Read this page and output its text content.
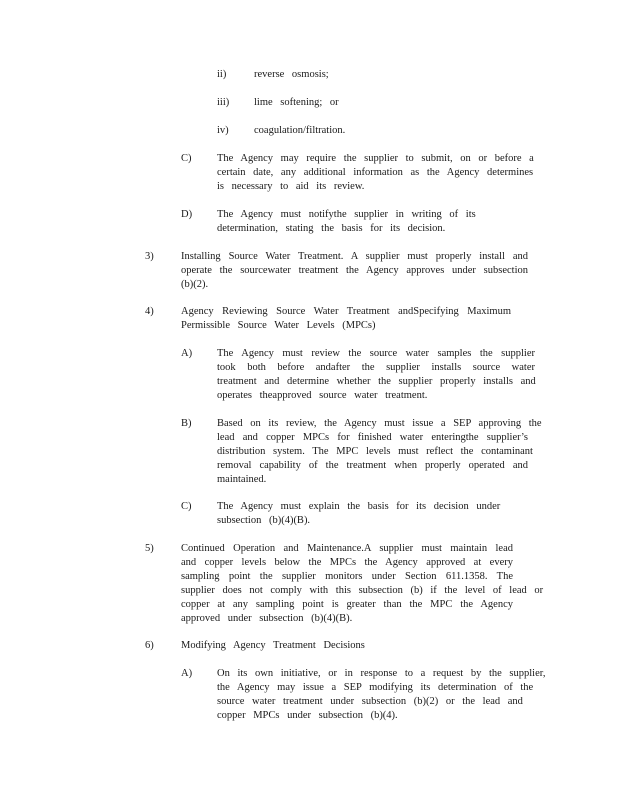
ii)	reverse osmosis;
iii) lime softening; or
iv) coagulation/filtration.
C) The Agency may require the supplier to submit, on or before a
certain date, any additional information as the Agency determines
is necessary to aid its review.
D) The Agency must notifythe supplier in writing of its
determination, stating the basis for its decision.
3)	Installing Source Water Treatment. A supplier must properly install and
operate the sourcewater treatment the Agency approves under subsection
(b)(2).
4)	Agency Reviewing Source Water Treatment andSpecifying Maximum
Permissible Source Water Levels (MPCs)
A) The Agency must review the source water samples the supplier
took both before andafter the supplier installs source water
treatment and determine whether the supplier properly installs and
operates theapproved source water treatment.
B) Based on its review, the Agency must issue a SEP approving the
lead and copper MPCs for finished water enteringthe supplier’s
distribution system. The MPC levels must reflect the contaminant
removal capability of the treatment when properly operated and
maintained.
C) The Agency must explain the basis for its decision under
subsection (b)(4)(B).
5)	Continued Operation and Maintenance.A supplier must maintain lead
and copper levels below the MPCs the Agency approved at every
sampling point the supplier monitors under Section 611.1358. The
supplier does not comply with this subsection (b) if the level of lead or
copper at any sampling point is greater than the MPC the Agency
approved under subsection (b)(4)(B).
6)	Modifying Agency Treatment Decisions
A) On its own initiative, or in response to a request by the supplier,
the Agency may issue a SEP modifying its determination of the
source water treatment under subsection (b)(2) or the lead and
copper MPCs under subsection (b)(4).
